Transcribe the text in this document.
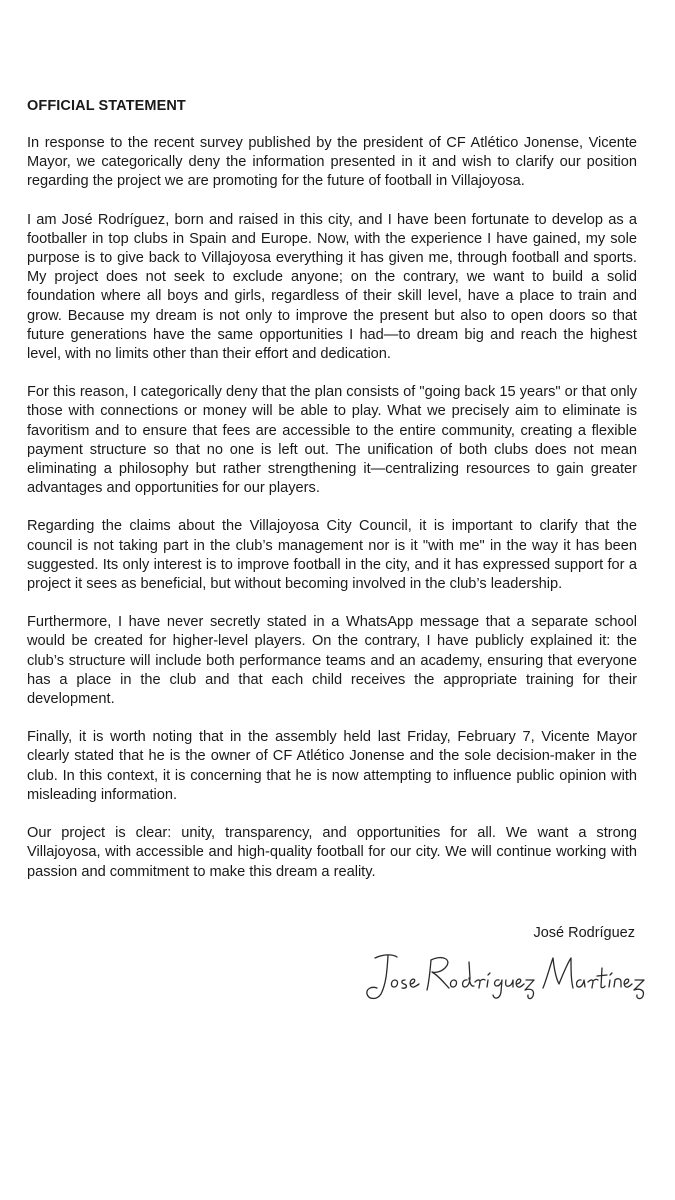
OFFICIAL STATEMENT

In response to the recent survey published by the president of CF Atlético Jonense, Vicente Mayor, we categorically deny the information presented in it and wish to clarify our position regarding the project we are promoting for the future of football in Villajoyosa.

I am José Rodríguez, born and raised in this city, and I have been fortunate to develop as a footballer in top clubs in Spain and Europe. Now, with the experience I have gained, my sole purpose is to give back to Villajoyosa everything it has given me, through football and sports. My project does not seek to exclude anyone; on the contrary, we want to build a solid foundation where all boys and girls, regardless of their skill level, have a place to train and grow. Because my dream is not only to improve the present but also to open doors so that future generations have the same opportunities I had—to dream big and reach the highest level, with no limits other than their effort and dedication.

For this reason, I categorically deny that the plan consists of "going back 15 years" or that only those with connections or money will be able to play. What we precisely aim to eliminate is favoritism and to ensure that fees are accessible to the entire community, creating a flexible payment structure so that no one is left out. The unification of both clubs does not mean eliminating a philosophy but rather strengthening it—centralizing resources to gain greater advantages and opportunities for our players.

Regarding the claims about the Villajoyosa City Council, it is important to clarify that the council is not taking part in the club’s management nor is it "with me" in the way it has been suggested. Its only interest is to improve football in the city, and it has expressed support for a project it sees as beneficial, but without becoming involved in the club’s leadership.

Furthermore, I have never secretly stated in a WhatsApp message that a separate school would be created for higher-level players. On the contrary, I have publicly explained it: the club’s structure will include both performance teams and an academy, ensuring that everyone has a place in the club and that each child receives the appropriate training for their development.

Finally, it is worth noting that in the assembly held last Friday, February 7, Vicente Mayor clearly stated that he is the owner of CF Atlético Jonense and the sole decision-maker in the club. In this context, it is concerning that he is now attempting to influence public opinion with misleading information.

Our project is clear: unity, transparency, and opportunities for all. We want a strong Villajoyosa, with accessible and high-quality football for our city. We will continue working with passion and commitment to make this dream a reality.

José Rodríguez
